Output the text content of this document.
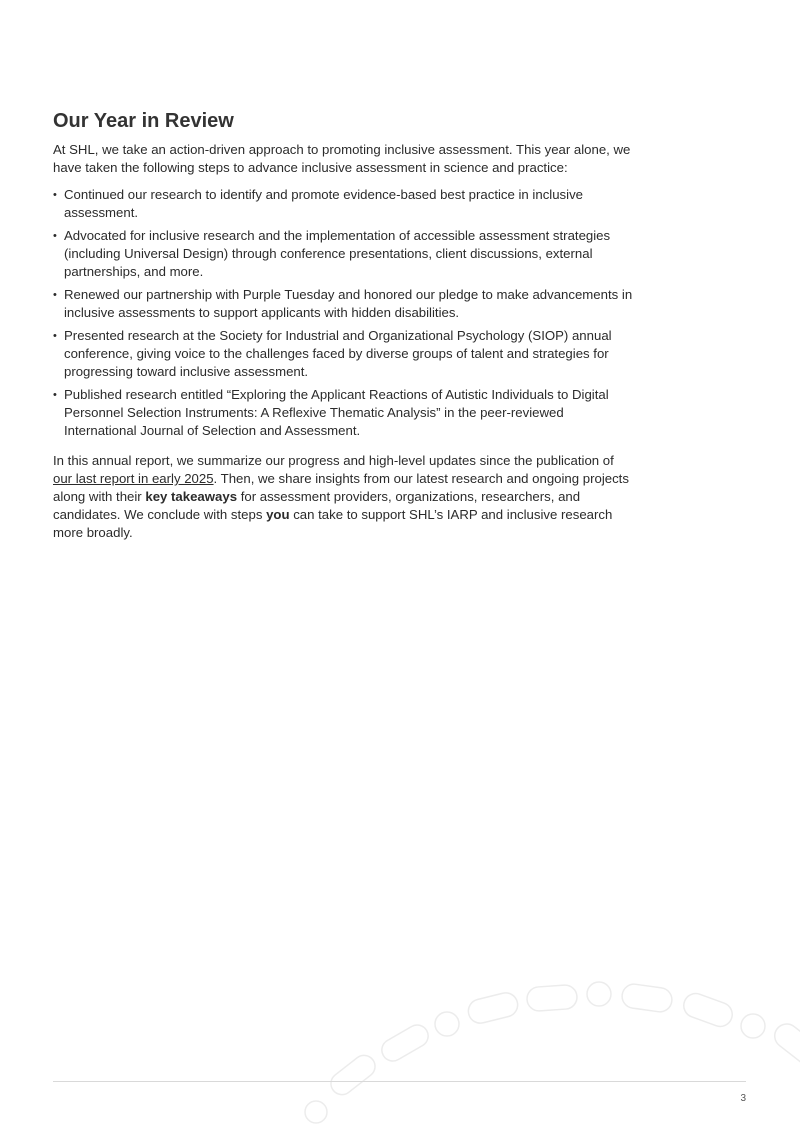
Our Year in Review

At SHL, we take an action-driven approach to promoting inclusive assessment. This year alone, we have taken the following steps to advance inclusive assessment in science and practice:

• Continued our research to identify and promote evidence-based best practice in inclusive assessment.
• Advocated for inclusive research and the implementation of accessible assessment strategies (including Universal Design) through conference presentations, client discussions, external partnerships, and more.
• Renewed our partnership with Purple Tuesday and honored our pledge to make advancements in inclusive assessments to support applicants with hidden disabilities.
• Presented research at the Society for Industrial and Organizational Psychology (SIOP) annual conference, giving voice to the challenges faced by diverse groups of talent and strategies for progressing toward inclusive assessment.
• Published research entitled “Exploring the Applicant Reactions of Autistic Individuals to Digital Personnel Selection Instruments: A Reflexive Thematic Analysis” in the peer-reviewed International Journal of Selection and Assessment.

In this annual report, we summarize our progress and high-level updates since the publication of our last report in early 2025. Then, we share insights from our latest research and ongoing projects along with their key takeaways for assessment providers, organizations, researchers, and candidates. We conclude with steps you can take to support SHL’s IARP and inclusive research more broadly.

3
